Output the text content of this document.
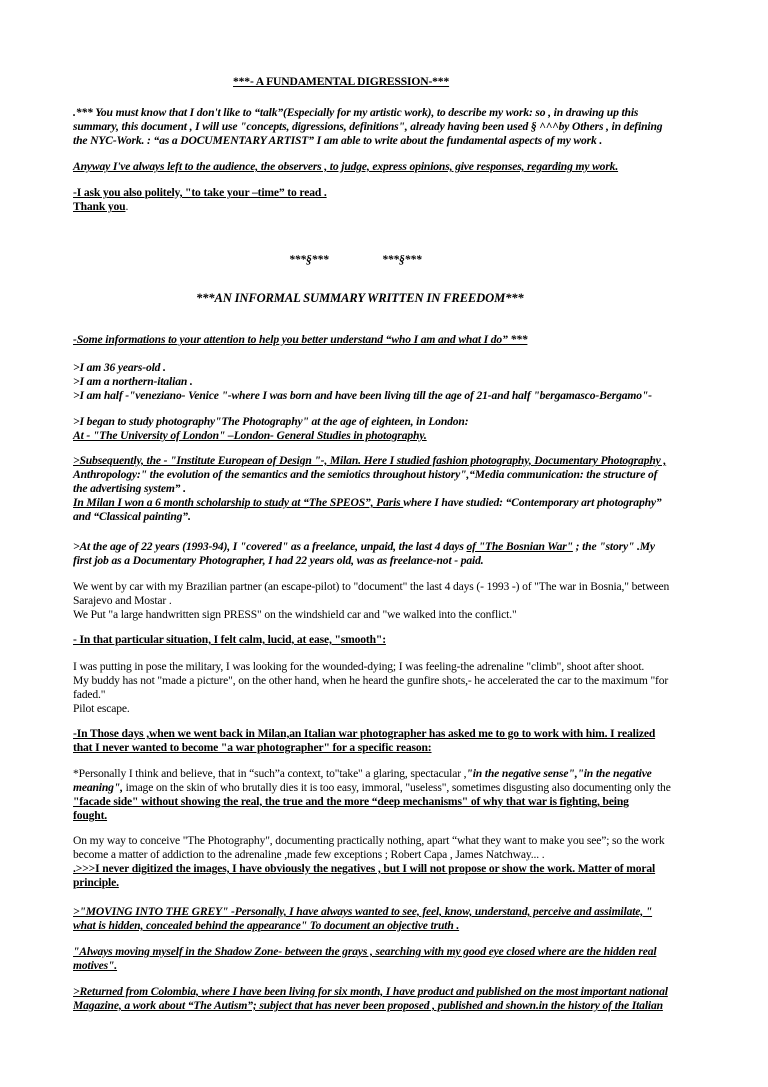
***- A FUNDAMENTAL DIGRESSION-***
.*** You must know that I don't like to “talk”(Especially for my artistic work), to describe my work: so , in drawing up this
summary, this document , I will use "concepts, digressions, definitions", already having been used § ^^^by Others , in defining
the NYC-Work. : “as a DOCUMENTARY ARTIST” I am able to write about the fundamental aspects of my work .
Anyway I've always left to the audience, the observers , to judge, express opinions, give responses, regarding my work.
-I ask you also politely, "to take your –time” to read .
Thank you.
***§***	***§***
***AN INFORMAL SUMMARY WRITTEN IN FREEDOM***
-Some informations to your attention to help you better understand “who I am and what I do” ***
>I am 36 years-old .
>I am a northern-italian .
>I am half -"veneziano- Venice "-where I was born and have been living till the age of 21-and half "bergamasco-Bergamo"-
>I began to study photography"The Photography" at the age of eighteen, in London:
At - "The University of London" –London- General Studies in photography.
>Subsequently, the - "Institute European of Design "-, Milan. Here I studied fashion photography, Documentary Photography ,
Anthropology:" the evolution of the semantics and the semiotics throughout history",“Media communication: the structure of
the advertising system” .
In Milan I won a 6 month scholarship to study at “The SPEOS”, Paris where I have studied: “Contemporary art photography”
and “Classical painting”.
>At the age of 22 years (1993-94), I "covered" as a freelance, unpaid, the last 4 days of "The Bosnian War" ; the "story" .My
first job as a Documentary Photographer, I had 22 years old, was as freelance-not - paid.
We went by car with my Brazilian partner (an escape-pilot) to "document" the last 4 days (- 1993 -) of "The war in Bosnia," between
Sarajevo and Mostar .
We Put "a large handwritten sign PRESS" on the windshield car and "we walked into the conflict."
- In that particular situation, I felt calm, lucid, at ease, "smooth":
I was putting in pose the military, I was looking for the wounded-dying; I was feeling-the adrenaline "climb", shoot after shoot.
My buddy has not "made a picture", on the other hand, when he heard the gunfire shots,- he accelerated the car to the maximum "for
faded."
Pilot escape.
-In Those days ,when we went back in Milan,an Italian war photographer has asked me to go to work with him. I realized
that I never wanted to become "a war photographer" for a specific reason:
*Personally I think and believe, that in “such”a context, to"take" a glaring, spectacular ,"in the negative sense","in the negative
meaning", image on the skin of who brutally dies it is too easy, immoral, "useless", sometimes disgusting also documenting only the
"facade side" without showing the real, the true and the more “deep mechanisms" of why that war is fighting, being
fought.
On my way to conceive "The Photography", documenting practically nothing, apart “what they want to make you see”; so the work
become a matter of addiction to the adrenaline ,made few exceptions ; Robert Capa , James Natchway... .
.>>>I never digitized the images, I have obviously the negatives , but I will not propose or show the work. Matter of moral
principle.
>"MOVING INTO THE GREY" -Personally, I have always wanted to see, feel, know, understand, perceive and assimilate, "
what is hidden, concealed behind the appearance" To document an objective truth .
"Always moving myself in the Shadow Zone- between the grays , searching with my good eye closed where are the hidden real
motives".
>Returned from Colombia, where I have been living for six month, I have product and published on the most important national
Magazine, a work about “The Autism”; subject that has never been proposed , published and shown.in the history of the Italian
